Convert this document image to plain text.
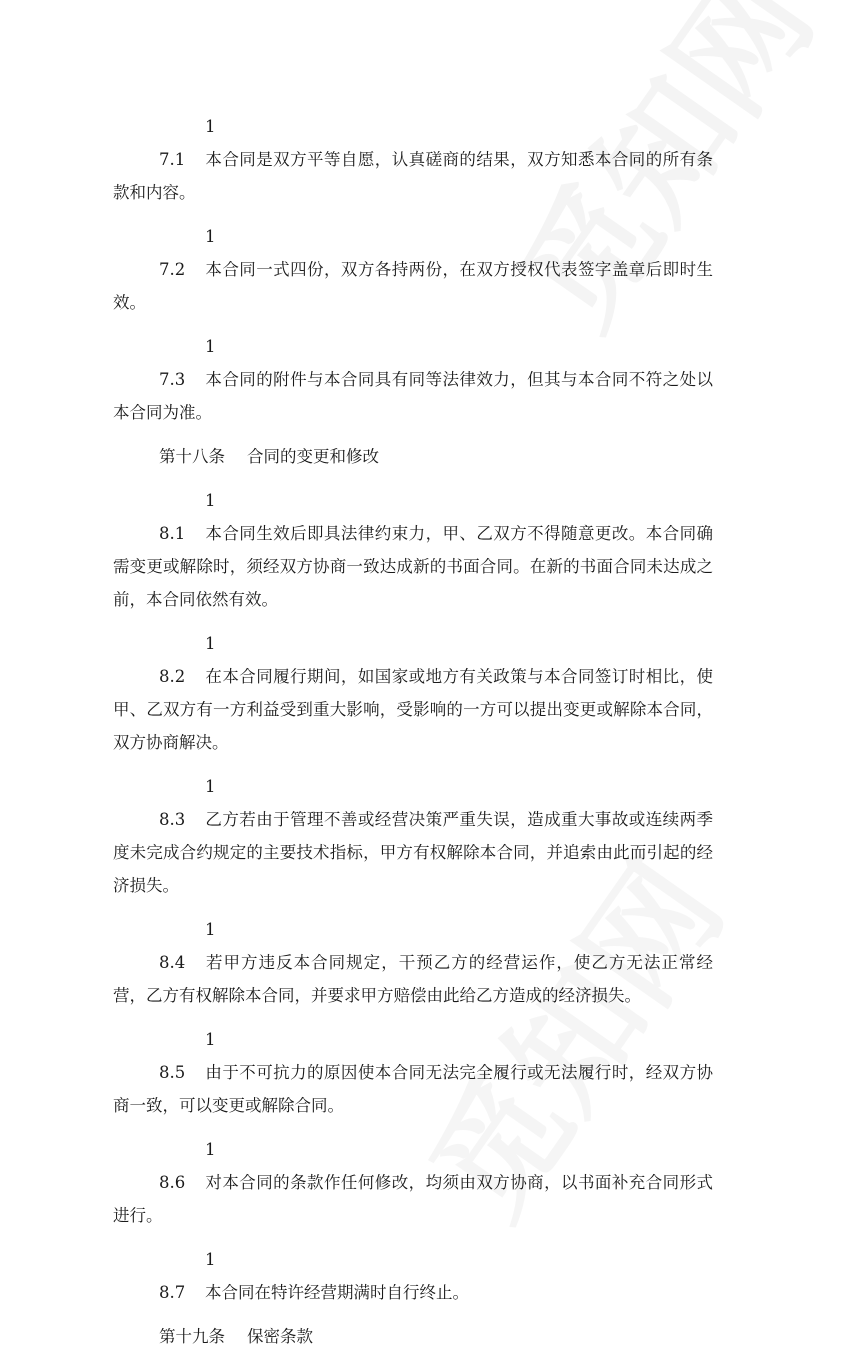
17.1 本合同是双方平等自愿，认真磋商的结果，双方知悉本合同的所有条款和内容。

17.2 本合同一式四份，双方各持两份，在双方授权代表签字盖章后即时生效。

17.3 本合同的附件与本合同具有同等法律效力，但其与本合同不符之处以本合同为准。

第十八条 合同的变更和修改

18.1 本合同生效后即具法律约束力，甲、乙双方不得随意更改。本合同确需变更或解除时，须经双方协商一致达成新的书面合同。在新的书面合同未达成之前，本合同依然有效。

18.2 在本合同履行期间，如国家或地方有关政策与本合同签订时相比，使甲、乙双方有一方利益受到重大影响，受影响的一方可以提出变更或解除本合同，双方协商解决。

18.3 乙方若由于管理不善或经营决策严重失误，造成重大事故或连续两季度未完成合约规定的主要技术指标，甲方有权解除本合同，并追索由此而引起的经济损失。

18.4 若甲方违反本合同规定，干预乙方的经营运作，使乙方无法正常经营，乙方有权解除本合同，并要求甲方赔偿由此给乙方造成的经济损失。

18.5 由于不可抗力的原因使本合同无法完全履行或无法履行时，经双方协商一致，可以变更或解除合同。

18.6 对本合同的条款作任何修改，均须由双方协商，以书面补充合同形式进行。

18.7 本合同在特许经营期满时自行终止。

第十九条 保密条款
